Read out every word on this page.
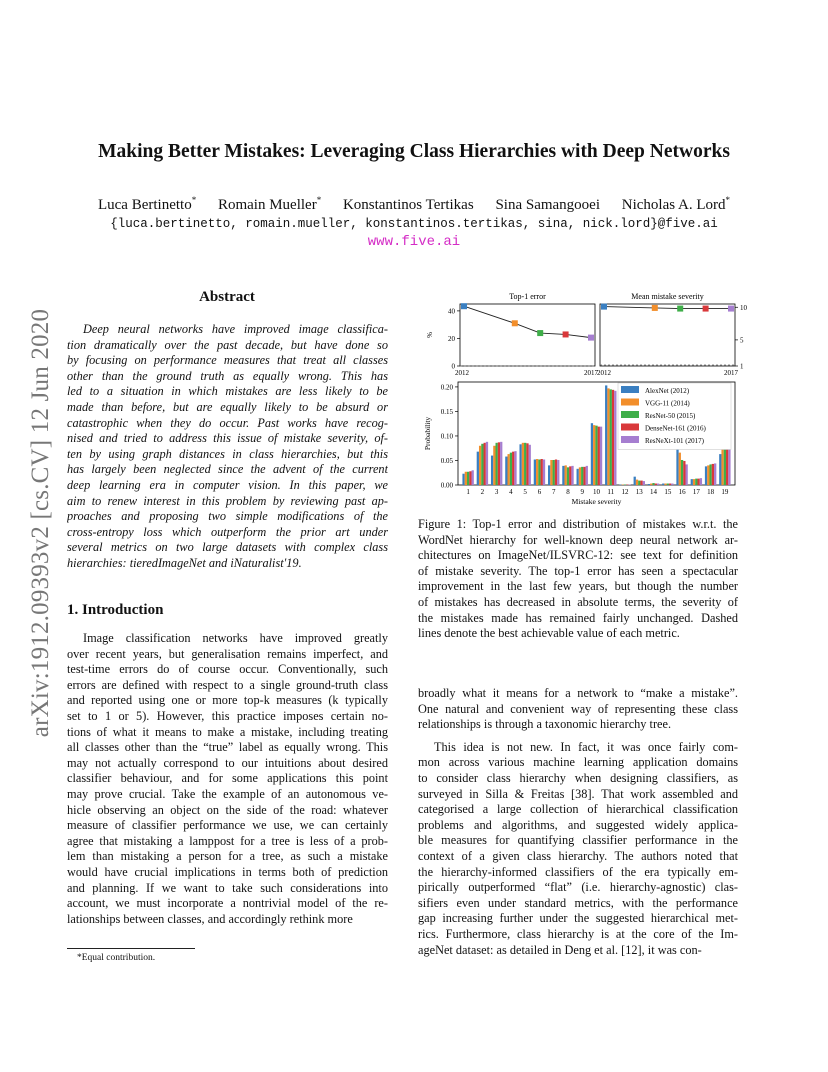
arXiv:1912.09393v2 [cs.CV] 12 Jun 2020
Making Better Mistakes: Leveraging Class Hierarchies with Deep Networks
Luca Bertinetto* Romain Mueller* Konstantinos Tertikas Sina Samangooei Nicholas A. Lord*
{luca.bertinetto, romain.mueller, konstantinos.tertikas, sina, nick.lord}@five.ai
www.five.ai
Abstract
Deep neural networks have improved image classifica-
tion dramatically over the past decade, but have done so
by focusing on performance measures that treat all classes
other than the ground truth as equally wrong. This has
led to a situation in which mistakes are less likely to be
made than before, but are equally likely to be absurd or
catastrophic when they do occur. Past works have recog-
nised and tried to address this issue of mistake severity, of-
ten by using graph distances in class hierarchies, but this
has largely been neglected since the advent of the current
deep learning era in computer vision. In this paper, we
aim to renew interest in this problem by reviewing past ap-
proaches and proposing two simple modifications of the
cross-entropy loss which outperform the prior art under
several metrics on two large datasets with complex class
hierarchies: tieredImageNet and iNaturalist'19.
1. Introduction
Image classification networks have improved greatly
over recent years, but generalisation remains imperfect, and
test-time errors do of course occur. Conventionally, such
errors are defined with respect to a single ground-truth class
and reported using one or more top-k measures (k typically
set to 1 or 5). However, this practice imposes certain no-
tions of what it means to make a mistake, including treating
all classes other than the “true” label as equally wrong. This
may not actually correspond to our intuitions about desired
classifier behaviour, and for some applications this point
may prove crucial. Take the example of an autonomous ve-
hicle observing an object on the side of the road: whatever
measure of classifier performance we use, we can certainly
agree that mistaking a lamppost for a tree is less of a prob-
lem than mistaking a person for a tree, as such a mistake
would have crucial implications in terms both of prediction
and planning. If we want to take such considerations into
account, we must incorporate a nontrivial model of the re-
lationships between classes, and accordingly rethink more
*Equal contribution.
Top-1 error
0
20
40
%
2012	2017
Mean mistake severity
1
5
10
2012	2017
0.00
0.05
0.10
0.15
0.20
Probability
1 2 3 4 5 6 7 8 9 10 11 12 13 14 15 16 17 18 19
Mistake severity
AlexNet (2012)
VGG-11 (2014)
ResNet-50 (2015)
DenseNet-161 (2016)
ResNeXt-101 (2017)
Figure 1: Top-1 error and distribution of mistakes w.r.t. the
WordNet hierarchy for well-known deep neural network ar-
chitectures on ImageNet/ILSVRC-12: see text for definition
of mistake severity. The top-1 error has seen a spectacular
improvement in the last few years, but though the number
of mistakes has decreased in absolute terms, the severity of
the mistakes made has remained fairly unchanged. Dashed
lines denote the best achievable value of each metric.
broadly what it means for a network to “make a mistake”.
One natural and convenient way of representing these class
relationships is through a taxonomic hierarchy tree.
This idea is not new. In fact, it was once fairly com-
mon across various machine learning application domains
to consider class hierarchy when designing classifiers, as
surveyed in Silla & Freitas [38]. That work assembled and
categorised a large collection of hierarchical classification
problems and algorithms, and suggested widely applica-
ble measures for quantifying classifier performance in the
context of a given class hierarchy. The authors noted that
the hierarchy-informed classifiers of the era typically em-
pirically outperformed “flat” (i.e. hierarchy-agnostic) clas-
sifiers even under standard metrics, with the performance
gap increasing further under the suggested hierarchical met-
rics. Furthermore, class hierarchy is at the core of the Im-
ageNet dataset: as detailed in Deng et al. [12], it was con-
